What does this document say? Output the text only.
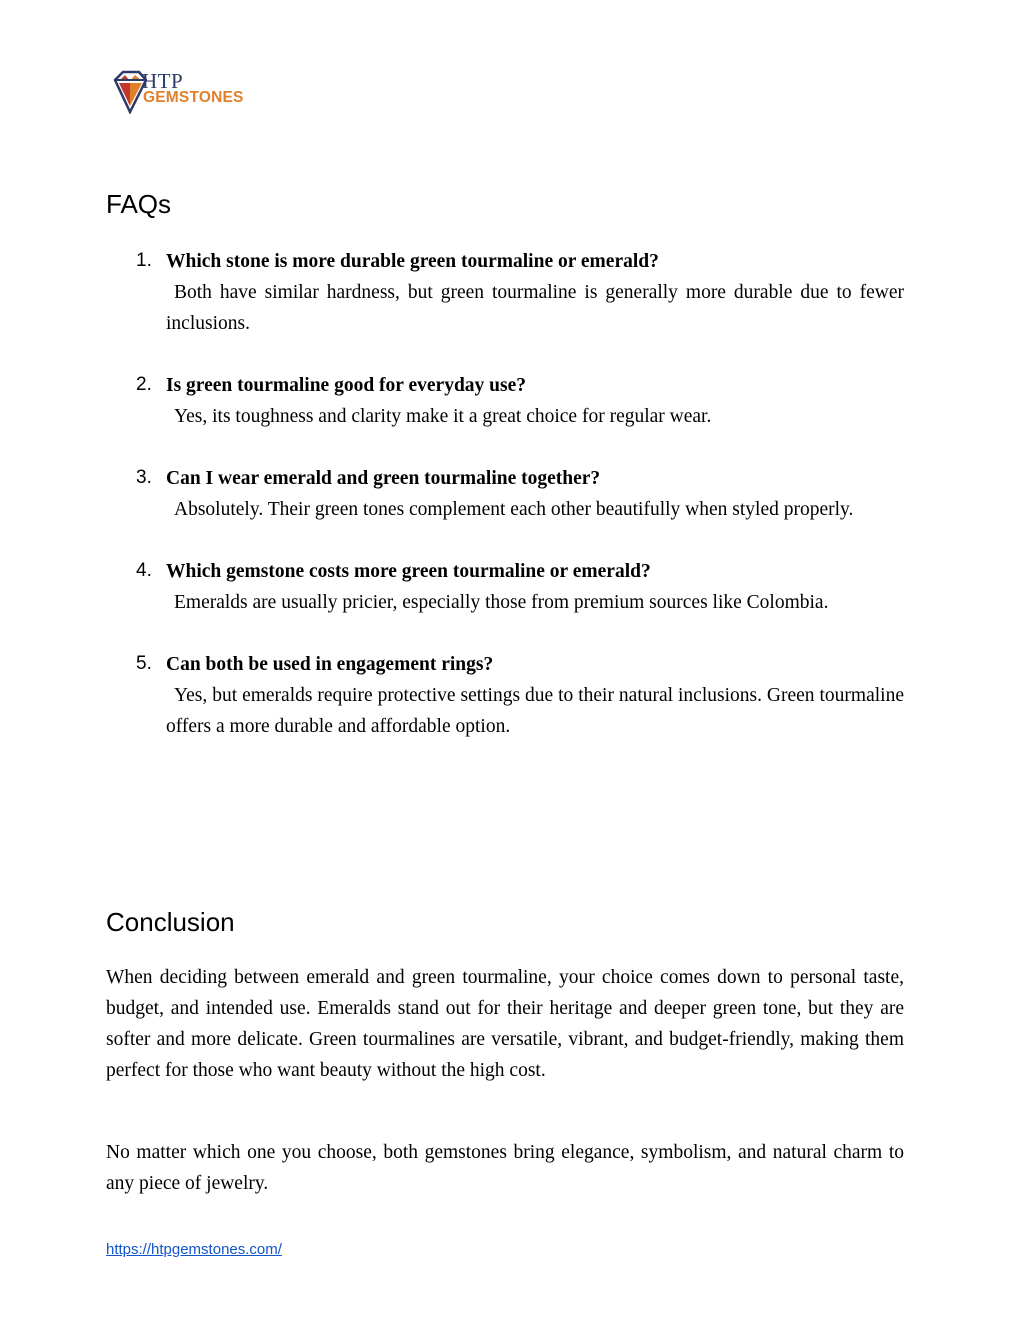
HTP
GEMSTONES
FAQs
1. Which stone is more durable green tourmaline or emerald?
Both have similar hardness, but green tourmaline is generally more durable due to fewer inclusions.
2. Is green tourmaline good for everyday use?
Yes, its toughness and clarity make it a great choice for regular wear.
3. Can I wear emerald and green tourmaline together?
Absolutely. Their green tones complement each other beautifully when styled properly.
4. Which gemstone costs more green tourmaline or emerald?
Emeralds are usually pricier, especially those from premium sources like Colombia.
5. Can both be used in engagement rings?
Yes, but emeralds require protective settings due to their natural inclusions. Green tourmaline offers a more durable and affordable option.
Conclusion

When deciding between emerald and green tourmaline, your choice comes down to personal taste, budget, and intended use. Emeralds stand out for their heritage and deeper green tone, but they are softer and more delicate. Green tourmalines are versatile, vibrant, and budget-friendly, making them perfect for those who want beauty without the high cost.

No matter which one you choose, both gemstones bring elegance, symbolism, and natural charm to any piece of jewelry.

https://htpgemstones.com/
